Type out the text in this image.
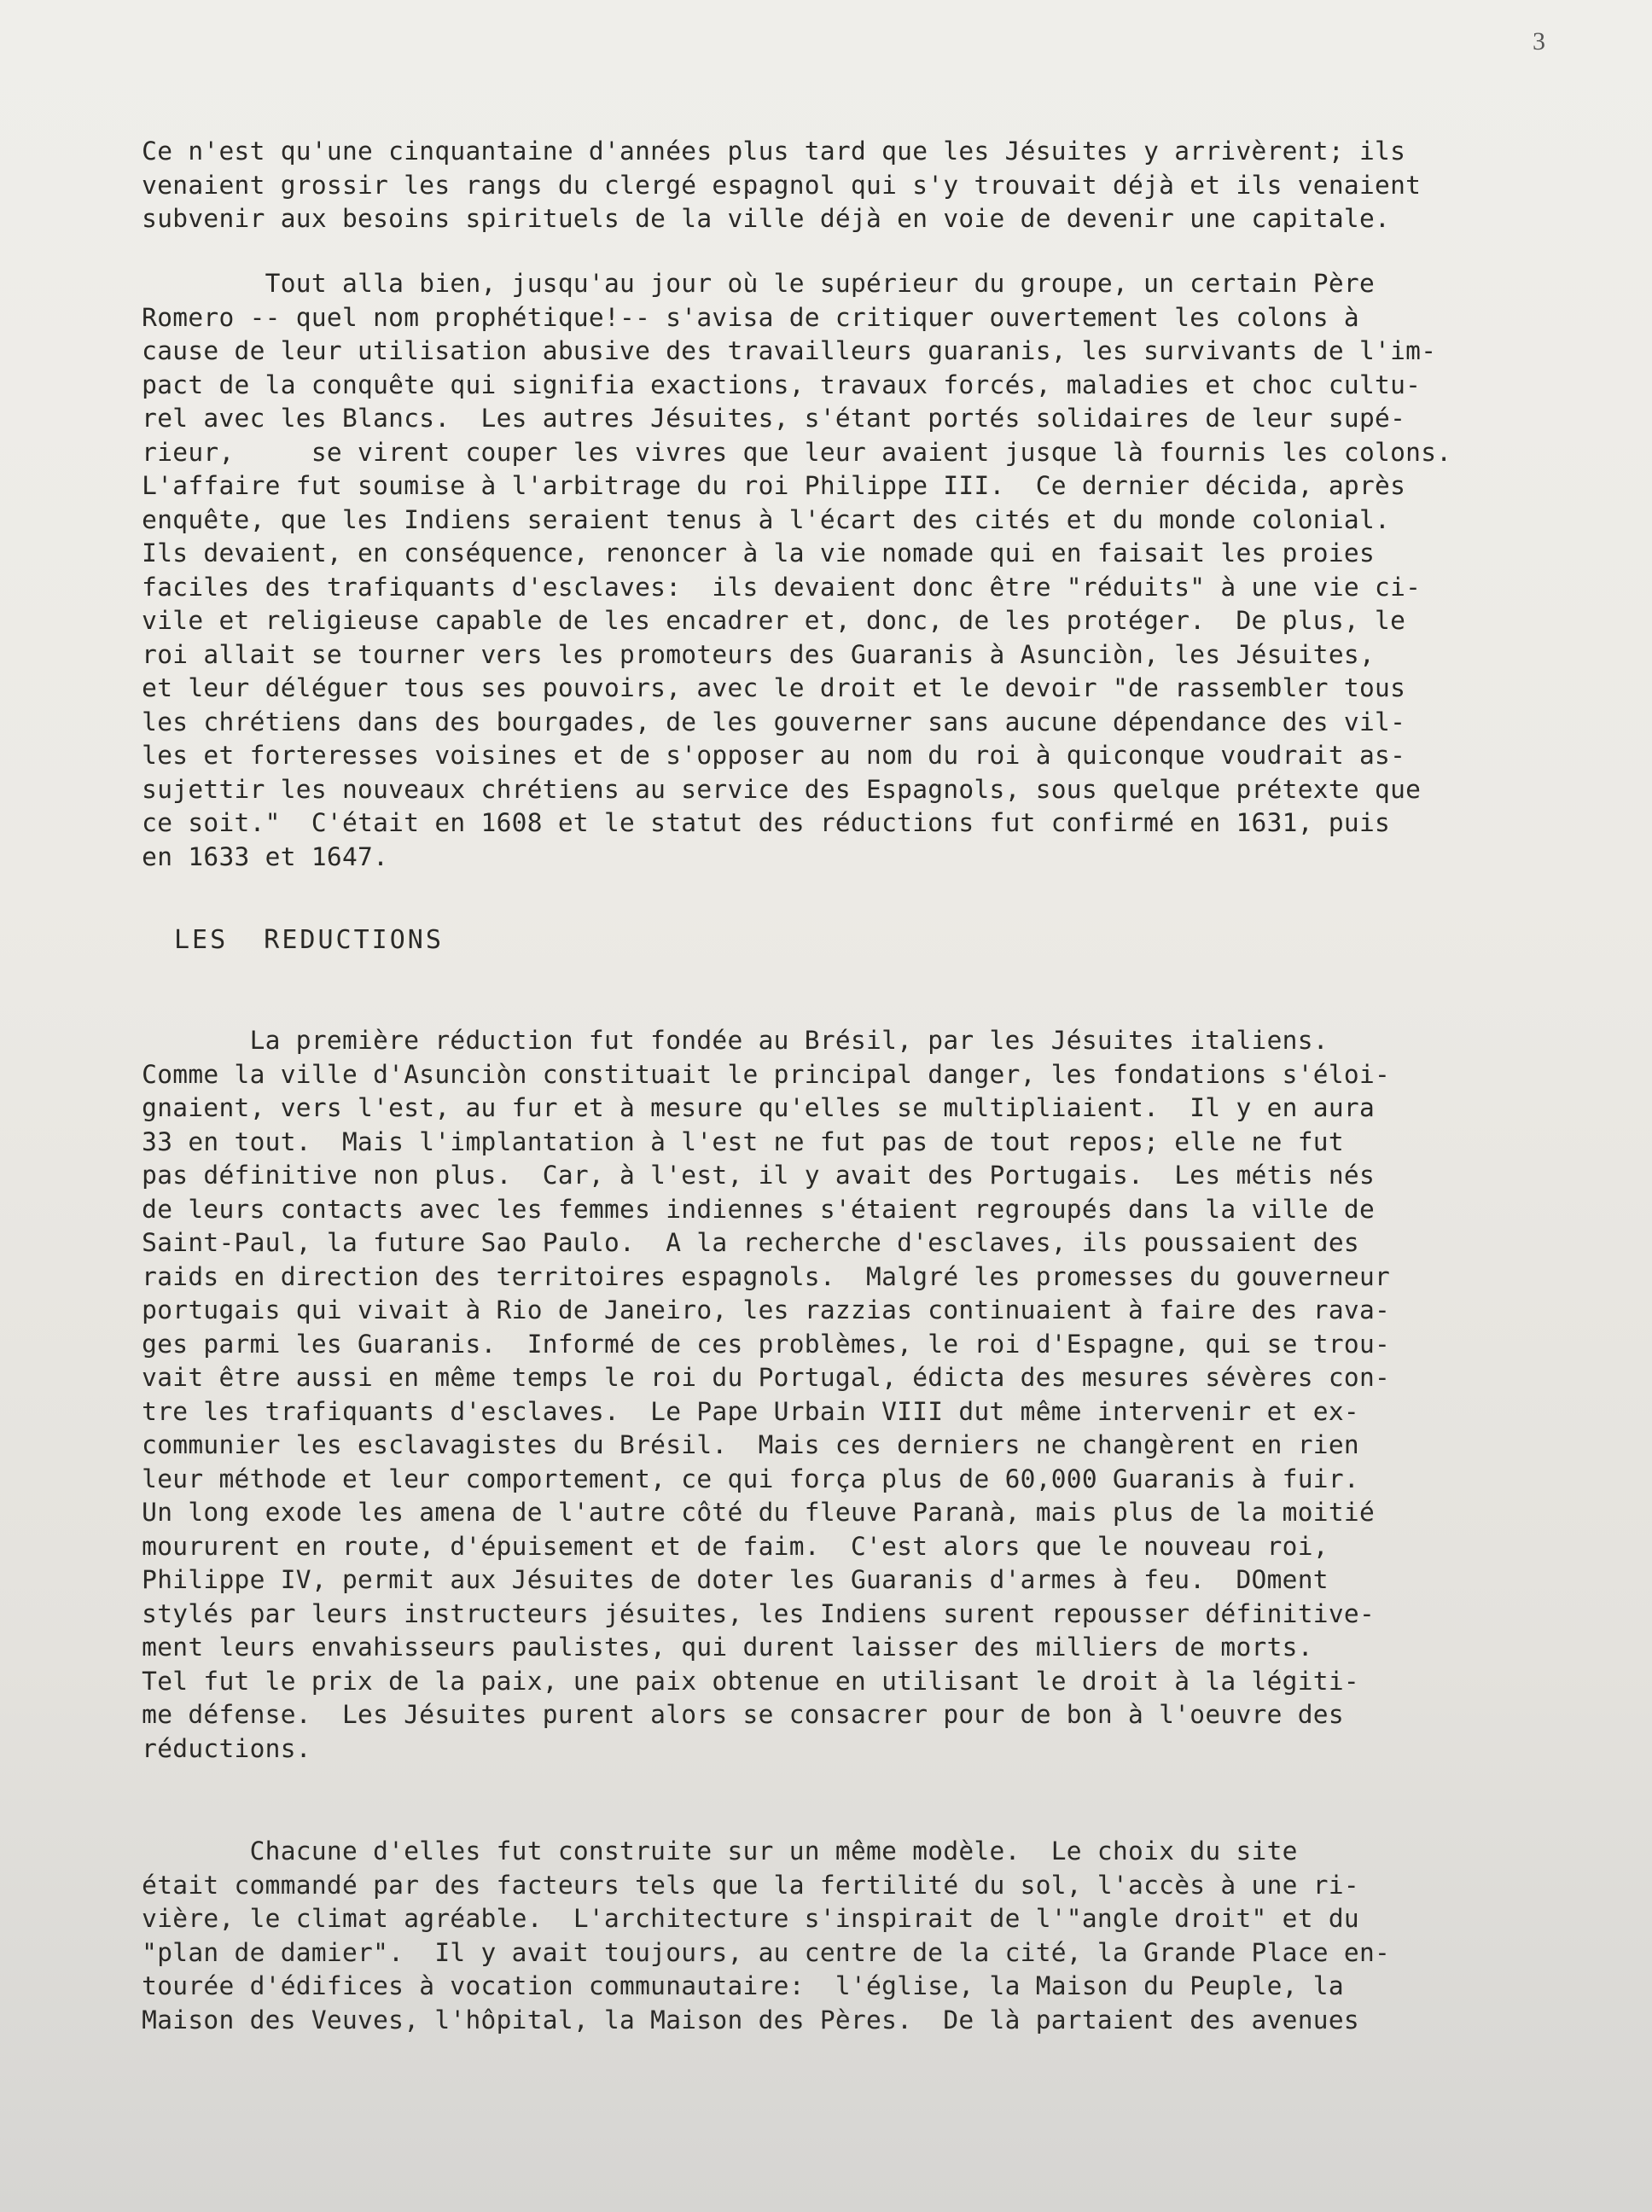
3
Ce n'est qu'une cinquantaine d'années plus tard que les Jésuites y arrivèrent; ils
venaient grossir les rangs du clergé espagnol qui s'y trouvait déjà et ils venaient
subvenir aux besoins spirituels de la ville déjà en voie de devenir une capitale.
Tout alla bien, jusqu'au jour où le supérieur du groupe, un certain Père
Romero -- quel nom prophétique!-- s'avisa de critiquer ouvertement les colons à
cause de leur utilisation abusive des travailleurs guaranis, les survivants de l'im-
pact de la conquête qui signifia exactions, travaux forcés, maladies et choc cultu-
rel avec les Blancs.  Les autres Jésuites, s'étant portés solidaires de leur supé-
rieur,     se virent couper les vivres que leur avaient jusque là fournis les colons.
L'affaire fut soumise à l'arbitrage du roi Philippe III.  Ce dernier décida, après
enquête, que les Indiens seraient tenus à l'écart des cités et du monde colonial.
Ils devaient, en conséquence, renoncer à la vie nomade qui en faisait les proies
faciles des trafiquants d'esclaves:  ils devaient donc être "réduits" à une vie ci-
vile et religieuse capable de les encadrer et, donc, de les protéger.  De plus, le
roi allait se tourner vers les promoteurs des Guaranis à Asunciòn, les Jésuites,
et leur déléguer tous ses pouvoirs, avec le droit et le devoir "de rassembler tous
les chrétiens dans des bourgades, de les gouverner sans aucune dépendance des vil-
les et forteresses voisines et de s'opposer au nom du roi à quiconque voudrait as-
sujettir les nouveaux chrétiens au service des Espagnols, sous quelque prétexte que
ce soit."  C'était en 1608 et le statut des réductions fut confirmé en 1631, puis
en 1633 et 1647.
LES  REDUCTIONS
La première réduction fut fondée au Brésil, par les Jésuites italiens.
Comme la ville d'Asunciòn constituait le principal danger, les fondations s'éloi-
gnaient, vers l'est, au fur et à mesure qu'elles se multipliaient.  Il y en aura
33 en tout.  Mais l'implantation à l'est ne fut pas de tout repos; elle ne fut
pas définitive non plus.  Car, à l'est, il y avait des Portugais.  Les métis nés
de leurs contacts avec les femmes indiennes s'étaient regroupés dans la ville de
Saint-Paul, la future Sao Paulo.  A la recherche d'esclaves, ils poussaient des
raids en direction des territoires espagnols.  Malgré les promesses du gouverneur
portugais qui vivait à Rio de Janeiro, les razzias continuaient à faire des rava-
ges parmi les Guaranis.  Informé de ces problèmes, le roi d'Espagne, qui se trou-
vait être aussi en même temps le roi du Portugal, édicta des mesures sévères con-
tre les trafiquants d'esclaves.  Le Pape Urbain VIII dut même intervenir et ex-
communier les esclavagistes du Brésil.  Mais ces derniers ne changèrent en rien
leur méthode et leur comportement, ce qui força plus de 60,000 Guaranis à fuir.
Un long exode les amena de l'autre côté du fleuve Paranà, mais plus de la moitié
moururent en route, d'épuisement et de faim.  C'est alors que le nouveau roi,
Philippe IV, permit aux Jésuites de doter les Guaranis d'armes à feu.  DOment
stylés par leurs instructeurs jésuites, les Indiens surent repousser définitive-
ment leurs envahisseurs paulistes, qui durent laisser des milliers de morts.
Tel fut le prix de la paix, une paix obtenue en utilisant le droit à la légiti-
me défense.  Les Jésuites purent alors se consacrer pour de bon à l'oeuvre des
réductions.
Chacune d'elles fut construite sur un même modèle.  Le choix du site
était commandé par des facteurs tels que la fertilité du sol, l'accès à une ri-
vière, le climat agréable.  L'architecture s'inspirait de l'"angle droit" et du
"plan de damier".  Il y avait toujours, au centre de la cité, la Grande Place en-
tourée d'édifices à vocation communautaire:  l'église, la Maison du Peuple, la
Maison des Veuves, l'hôpital, la Maison des Pères.  De là partaient des avenues
